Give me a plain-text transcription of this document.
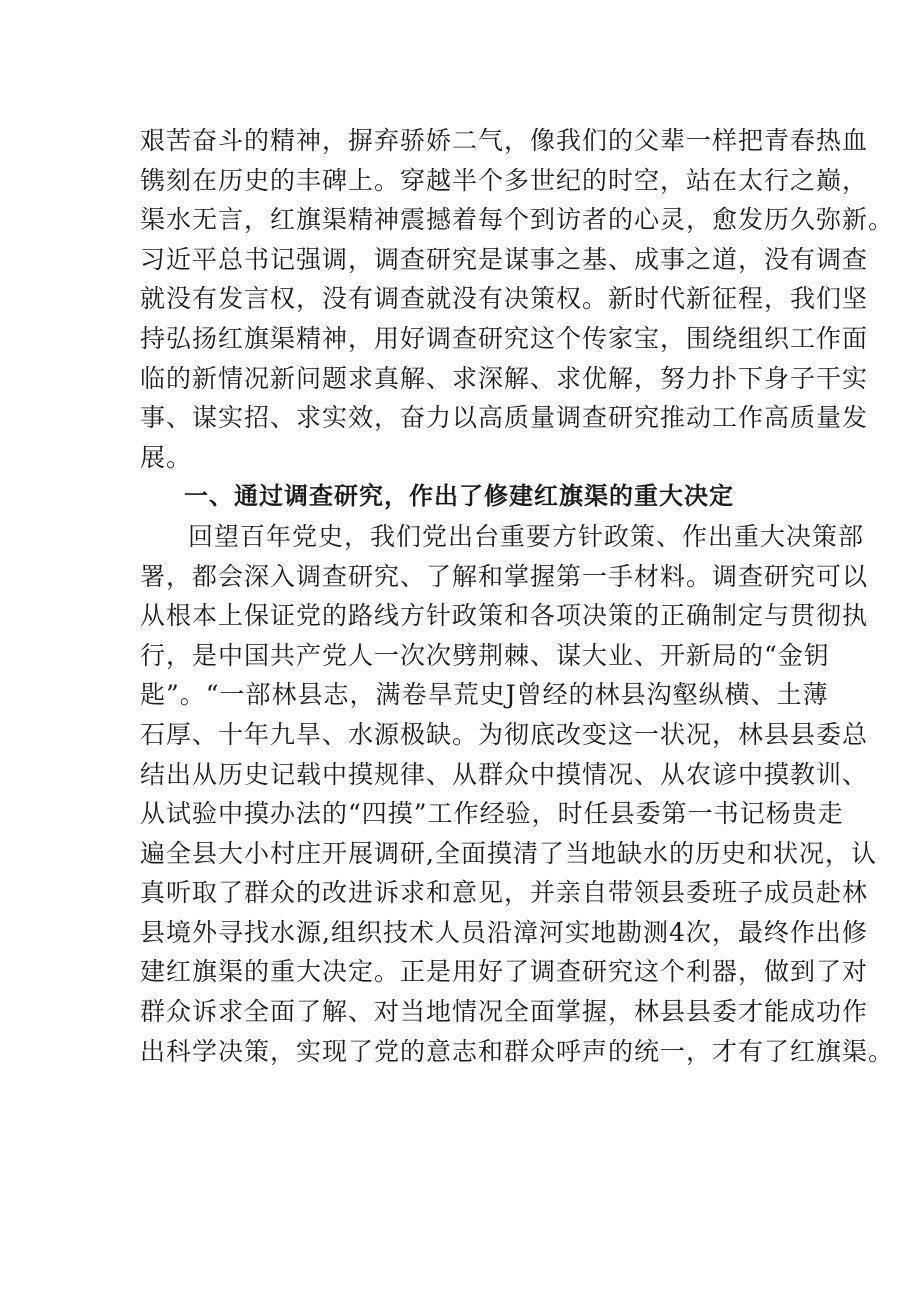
艰苦奋斗的精神，摒弃骄娇二气，像我们的父辈一样把青春热血
镌刻在历史的丰碑上。穿越半个多世纪的时空，站在太行之巅，
渠水无言，红旗渠精神震撼着每个到访者的心灵，愈发历久弥新。
习近平总书记强调，调查研究是谋事之基、成事之道，没有调查
就没有发言权，没有调查就没有决策权。新时代新征程，我们坚
持弘扬红旗渠精神，用好调查研究这个传家宝，围绕组织工作面
临的新情况新问题求真解、求深解、求优解，努力扑下身子干实
事、谋实招、求实效，奋力以高质量调查研究推动工作高质量发
展。
一、通过调查研究，作出了修建红旗渠的重大决定
回望百年党史，我们党出台重要方针政策、作出重大决策部
署，都会深入调查研究、了解和掌握第一手材料。调查研究可以
从根本上保证党的路线方针政策和各项决策的正确制定与贯彻执
行，是中国共产党人一次次劈荆棘、谋大业、开新局的“金钥
匙”。“一部林县志，满卷旱荒史J曾经的林县沟壑纵横、土薄
石厚、十年九旱、水源极缺。为彻底改变这一状况，林县县委总
结出从历史记载中摸规律、从群众中摸情况、从农谚中摸教训、
从试验中摸办法的“四摸”工作经验，时任县委第一书记杨贵走
遍全县大小村庄开展调研,全面摸清了当地缺水的历史和状况，认
真听取了群众的改进诉求和意见，并亲自带领县委班子成员赴林
县境外寻找水源,组织技术人员沿漳河实地勘测4次，最终作出修
建红旗渠的重大决定。正是用好了调查研究这个利器，做到了对
群众诉求全面了解、对当地情况全面掌握，林县县委才能成功作
出科学决策，实现了党的意志和群众呼声的统一，才有了红旗渠。
